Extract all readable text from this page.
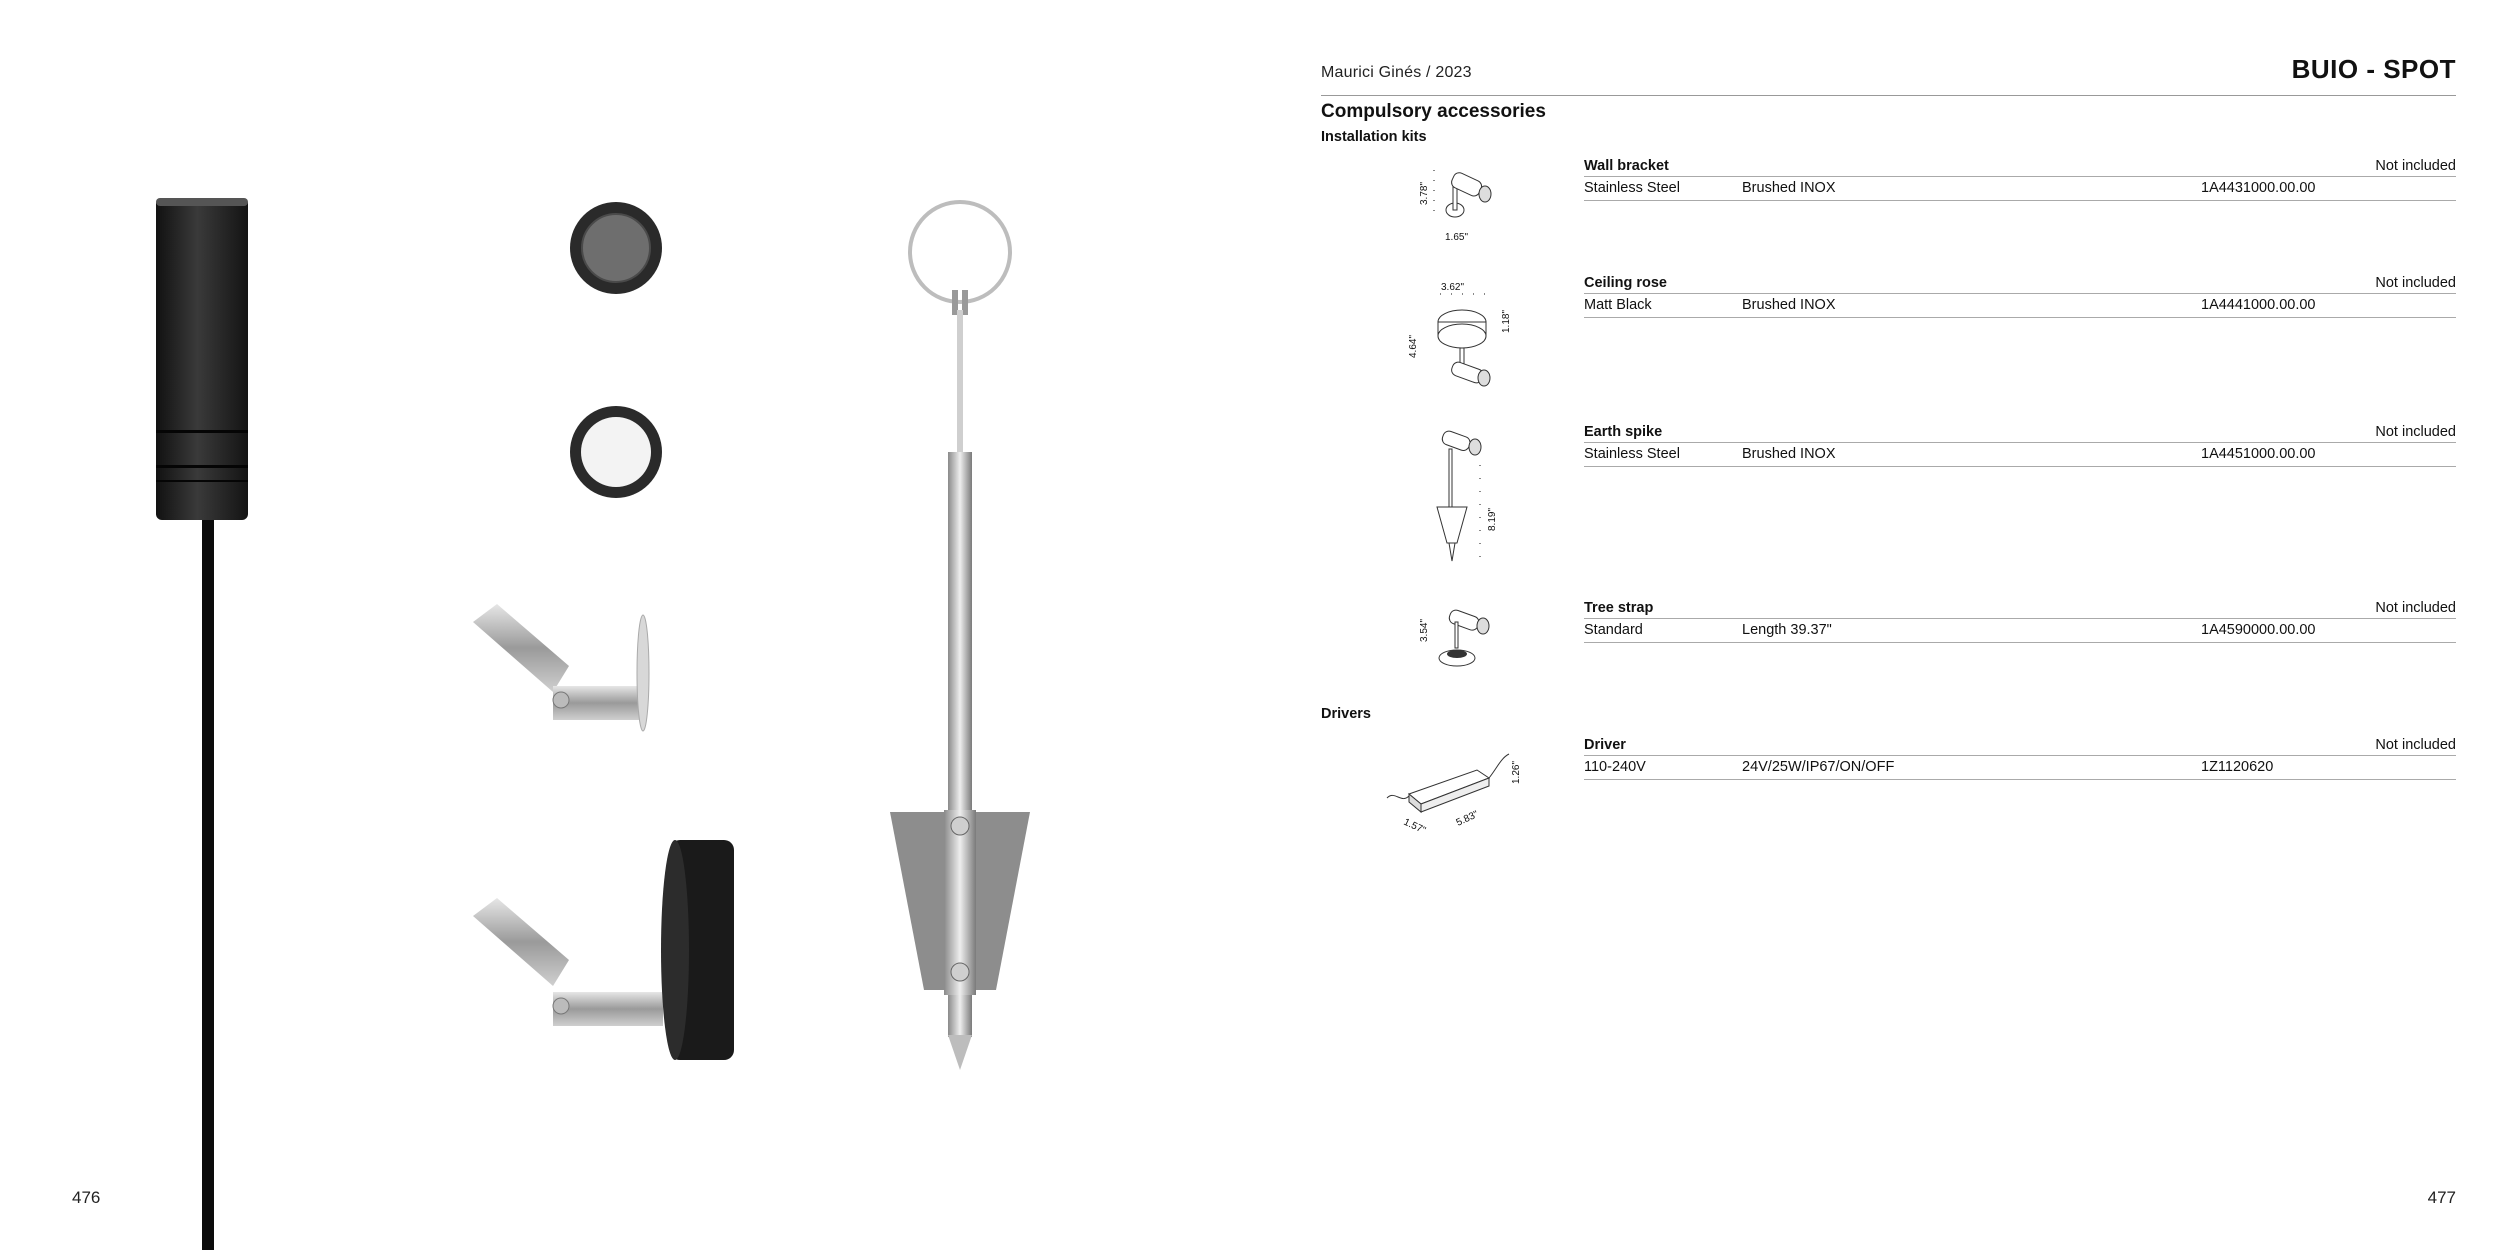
476
Maurici Ginés / 2023	BUIO - SPOT
Compulsory accessories
Installation kits
Drivers
3.78"
1.65"
Wall bracket	Not included
Stainless Steel	Brushed INOX	1A4431000.00.00
3.62"
1.18"
4.64"
Ceiling rose	Not included
Matt Black	Brushed INOX	1A4441000.00.00
8.19"
Earth spike	Not included
Stainless Steel	Brushed INOX	1A4451000.00.00
3.54"
Tree strap	Not included
Standard	Length 39.37"	1A4590000.00.00
1.26"
5.83"
1.57"
Driver	Not included
110-240V	24V/25W/IP67/ON/OFF	1Z1120620
477
